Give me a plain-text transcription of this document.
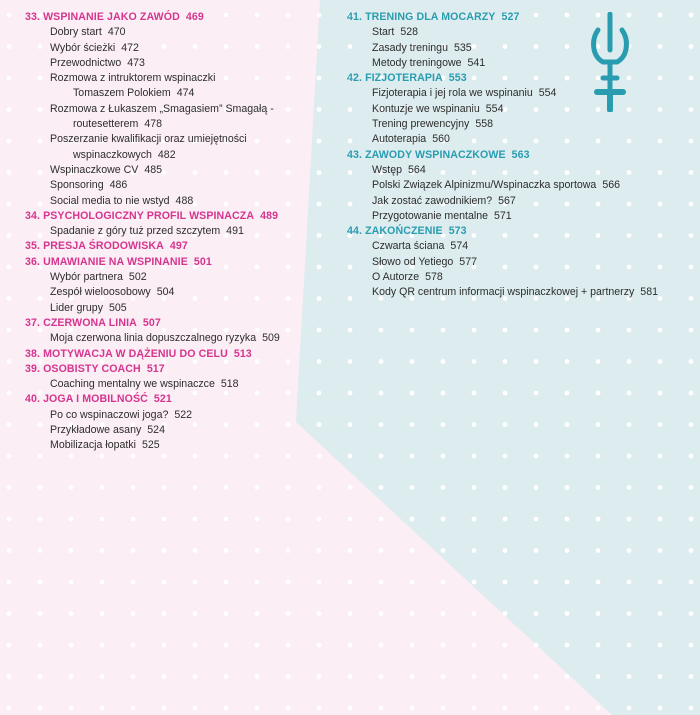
33. WSPINANIE JAKO ZAWÓD 469
Dobry start 470
Wybór ścieżki 472
Przewodnictwo 473
Rozmowa z intruktorem wspinaczki
Tomaszem Polokiem 474
Rozmowa z Łukaszem „Smagasiem” Smagałą -
routesetterem 478
Poszerzanie kwalifikacji oraz umiejętności
wspinaczkowych 482
Wspinaczkowe CV 485
Sponsoring 486
Social media to nie wstyd 488
34. PSYCHOLOGICZNY PROFIL WSPINACZA 489
Spadanie z góry tuż przed szczytem 491
35. PRESJA ŚRODOWISKA 497
36. UMAWIANIE NA WSPINANIE 501
Wybór partnera 502
Zespół wieloosobowy 504
Lider grupy 505
37. CZERWONA LINIA 507
Moja czerwona linia dopuszczalnego ryzyka 509
38. MOTYWACJA W DĄŻENIU DO CELU 513
39. OSOBISTY COACH 517
Coaching mentalny we wspinaczce 518
40. JOGA I MOBILNOŚĆ 521
Po co wspinaczowi joga? 522
Przykładowe asany 524
Mobilizacja łopatki 525
41. TRENING DLA MOCARZY 527
Start 528
Zasady treningu 535
Metody treningowe 541
42. FIZJOTERAPIA 553
Fizjoterapia i jej rola we wspinaniu 554
Kontuzje we wspinaniu 554
Trening prewencyjny 558
Autoterapia 560
43. ZAWODY WSPINACZKOWE 563
Wstęp 564
Polski Związek Alpinizmu/Wspinaczka sportowa 566
Jak zostać zawodnikiem? 567
Przygotowanie mentalne 571
44. ZAKOŃCZENIE 573
Czwarta ściana 574
Słowo od Yetiego 577
O Autorze 578
Kody QR centrum informacji wspinaczkowej + partnerzy 581
